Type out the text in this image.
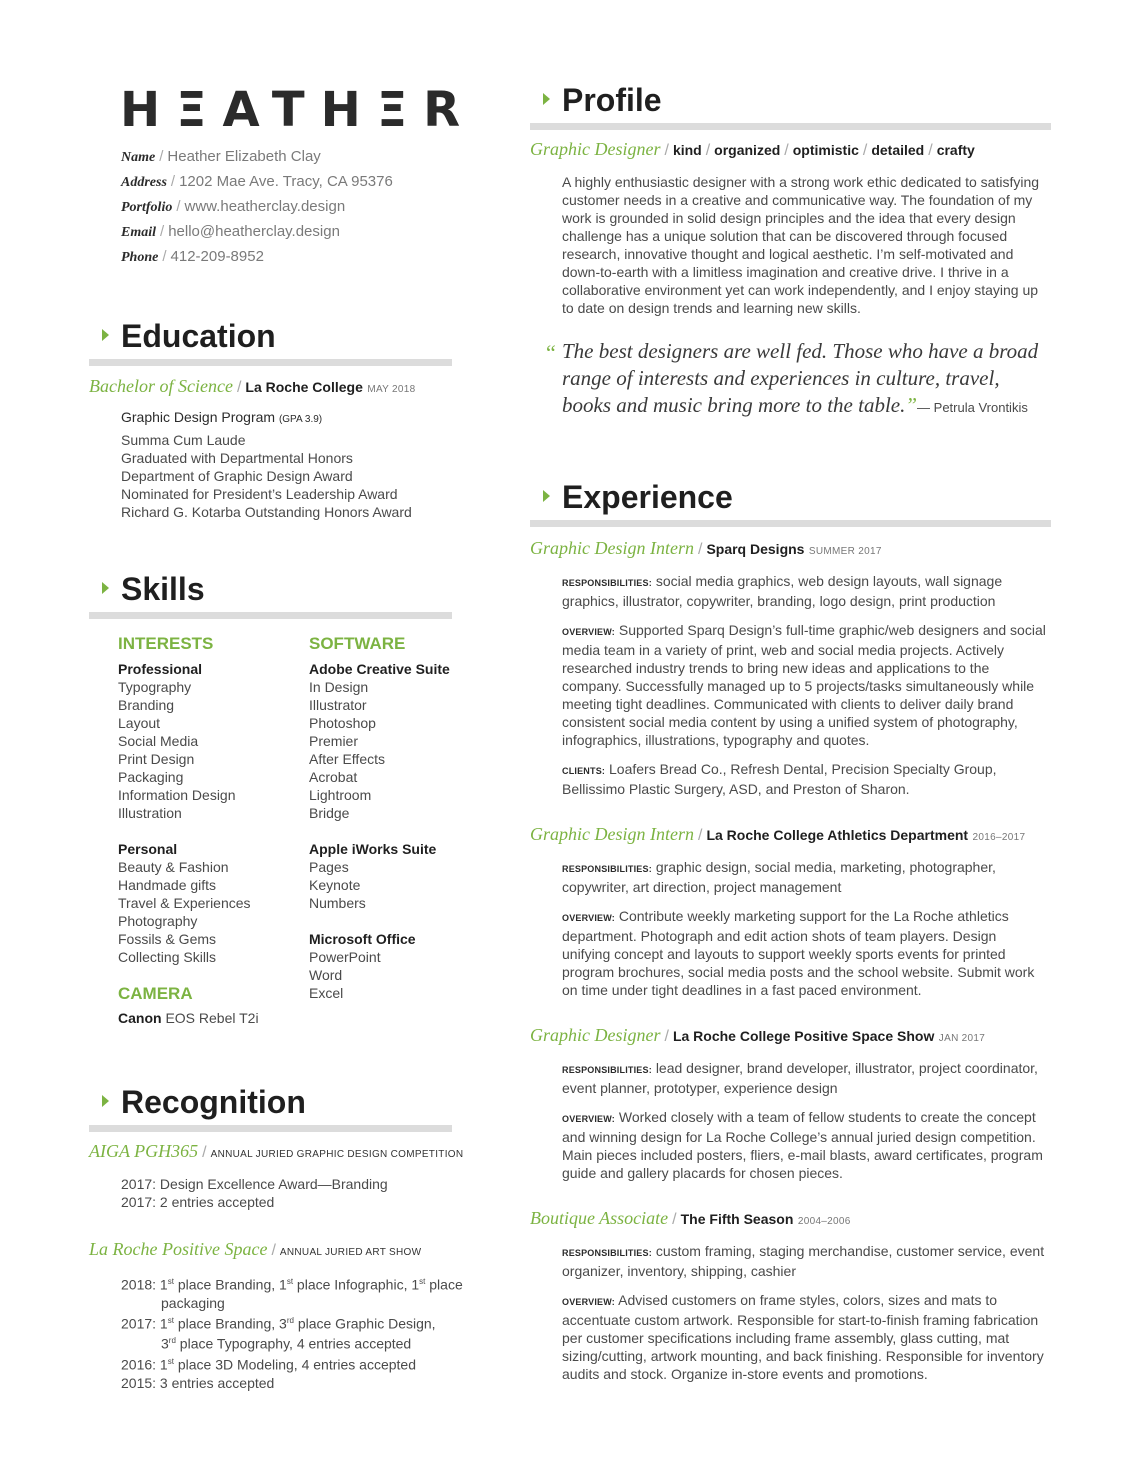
HΞATHΞR
Name / Heather Elizabeth Clay
Address / 1202 Mae Ave. Tracy, CA 95376
Portfolio / www.heatherclay.design
Email / hello@heatherclay.design
Phone / 412-209-8952
Education
Bachelor of Science / La Roche College MAY 2018
Graphic Design Program (GPA 3.9)
Summa Cum Laude
Graduated with Departmental Honors
Department of Graphic Design Award
Nominated for President’s Leadership Award
Richard G. Kotarba Outstanding Honors Award
Skills
INTERESTS
Professional
Typography
Branding
Layout
Social Media
Print Design
Packaging
Information Design
Illustration
Personal
Beauty & Fashion
Handmade gifts
Travel & Experiences
Photography
Fossils & Gems
Collecting Skills
CAMERA
Canon EOS Rebel T2i
SOFTWARE
Adobe Creative Suite
In Design
Illustrator
Photoshop
Premier
After Effects
Acrobat
Lightroom
Bridge
Apple iWorks Suite
Pages
Keynote
Numbers
Microsoft Office
PowerPoint
Word
Excel
Recognition
AIGA PGH365 / ANNUAL JURIED GRAPHIC DESIGN COMPETITION
2017: Design Excellence Award—Branding
2017: 2 entries accepted
La Roche Positive Space / ANNUAL JURIED ART SHOW
2018: 1st place Branding, 1st place Infographic, 1st place
packaging
2017: 1st place Branding, 3rd place Graphic Design,
3rd place Typography, 4 entries accepted
2016: 1st place 3D Modeling, 4 entries accepted
2015: 3 entries accepted
Profile
Graphic Designer / kind / organized / optimistic / detailed / crafty
A highly enthusiastic designer with a strong work ethic dedicated to satisfying customer needs in a creative and communicative way. The foundation of my work is grounded in solid design principles and the idea that every design challenge has a unique solution that can be discovered through focused research, innovative thought and logical aesthetic. I’m self-motivated and down-to-earth with a limitless imagination and creative drive. I thrive in a collaborative environment yet can work independently, and I enjoy staying up to date on design trends and learning new skills.
“ The best designers are well fed. Those who have a broad range of interests and experiences in culture, travel, books and music bring more to the table.”— Petrula Vrontikis
Experience
Graphic Design Intern / Sparq Designs SUMMER 2017
RESPONSIBILITIES: social media graphics, web design layouts, wall signage graphics, illustrator, copywriter, branding, logo design, print production
OVERVIEW: Supported Sparq Design’s full-time graphic/web designers and social media team in a variety of print, web and social media projects. Actively researched industry trends to bring new ideas and applications to the company. Successfully managed up to 5 projects/tasks simultaneously while meeting tight deadlines. Communicated with clients to deliver daily brand consistent social media content by using a unified system of photography, infographics, illustrations, typography and quotes.
CLIENTS: Loafers Bread Co., Refresh Dental, Precision Specialty Group, Bellissimo Plastic Surgery, ASD, and Preston of Sharon.
Graphic Design Intern / La Roche College Athletics Department 2016–2017
RESPONSIBILITIES: graphic design, social media, marketing, photographer, copywriter, art direction, project management
OVERVIEW: Contribute weekly marketing support for the La Roche athletics department. Photograph and edit action shots of team players. Design unifying concept and layouts to support weekly sports events for printed program brochures, social media posts and the school website. Submit work on time under tight deadlines in a fast paced environment.
Graphic Designer / La Roche College Positive Space Show JAN 2017
RESPONSIBILITIES: lead designer, brand developer, illustrator, project coordinator, event planner, prototyper, experience design
OVERVIEW: Worked closely with a team of fellow students to create the concept and winning design for La Roche College’s annual juried design competition. Main pieces included posters, fliers, e-mail blasts, award certificates, program guide and gallery placards for chosen pieces.
Boutique Associate / The Fifth Season 2004–2006
RESPONSIBILITIES: custom framing, staging merchandise, customer service, event organizer, inventory, shipping, cashier
OVERVIEW: Advised customers on frame styles, colors, sizes and mats to accentuate custom artwork. Responsible for start-to-finish framing fabrication per customer specifications including frame assembly, glass cutting, mat sizing/cutting, artwork mounting, and back finishing. Responsible for inventory audits and stock. Organize in-store events and promotions.
